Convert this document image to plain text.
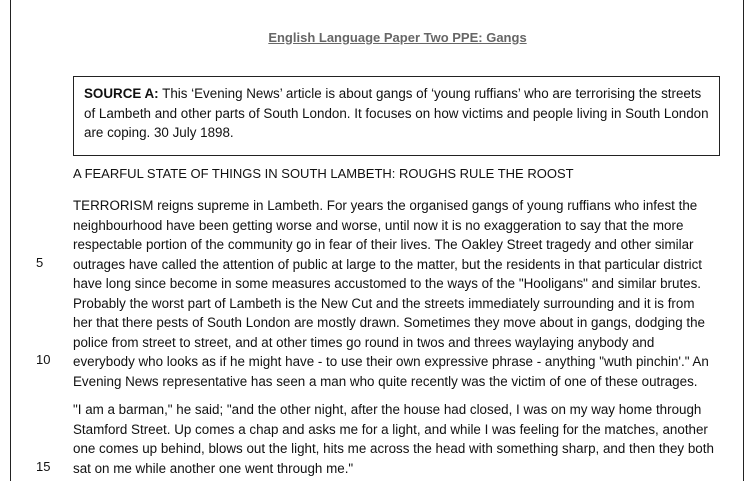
English Language Paper Two PPE: Gangs
SOURCE A: This ‘Evening News’ article is about gangs of ‘young ruffians’ who are terrorising the streets
of Lambeth and other parts of South London. It focuses on how victims and people living in South London
are coping. 30 July 1898.
A FEARFUL STATE OF THINGS IN SOUTH LAMBETH: ROUGHS RULE THE ROOST
TERRORISM reigns supreme in Lambeth. For years the organised gangs of young ruffians who infest the
neighbourhood have been getting worse and worse, until now it is no exaggeration to say that the more
respectable portion of the community go in fear of their lives. The Oakley Street tragedy and other similar
outrages have called the attention of public at large to the matter, but the residents in that particular district
have long since become in some measures accustomed to the ways of the "Hooligans" and similar brutes.
Probably the worst part of Lambeth is the New Cut and the streets immediately surrounding and it is from
her that there pests of South London are mostly drawn. Sometimes they move about in gangs, dodging the
police from street to street, and at other times go round in twos and threes waylaying anybody and
everybody who looks as if he might have - to use their own expressive phrase - anything "wuth pinchin'." An
Evening News representative has seen a man who quite recently was the victim of one of these outrages.
"I am a barman," he said; "and the other night, after the house had closed, I was on my way home through
Stamford Street. Up comes a chap and asks me for a light, and while I was feeling for the matches, another
one comes up behind, blows out the light, hits me across the head with something sharp, and then they both
sat on me while another one went through me."
5
10
15
